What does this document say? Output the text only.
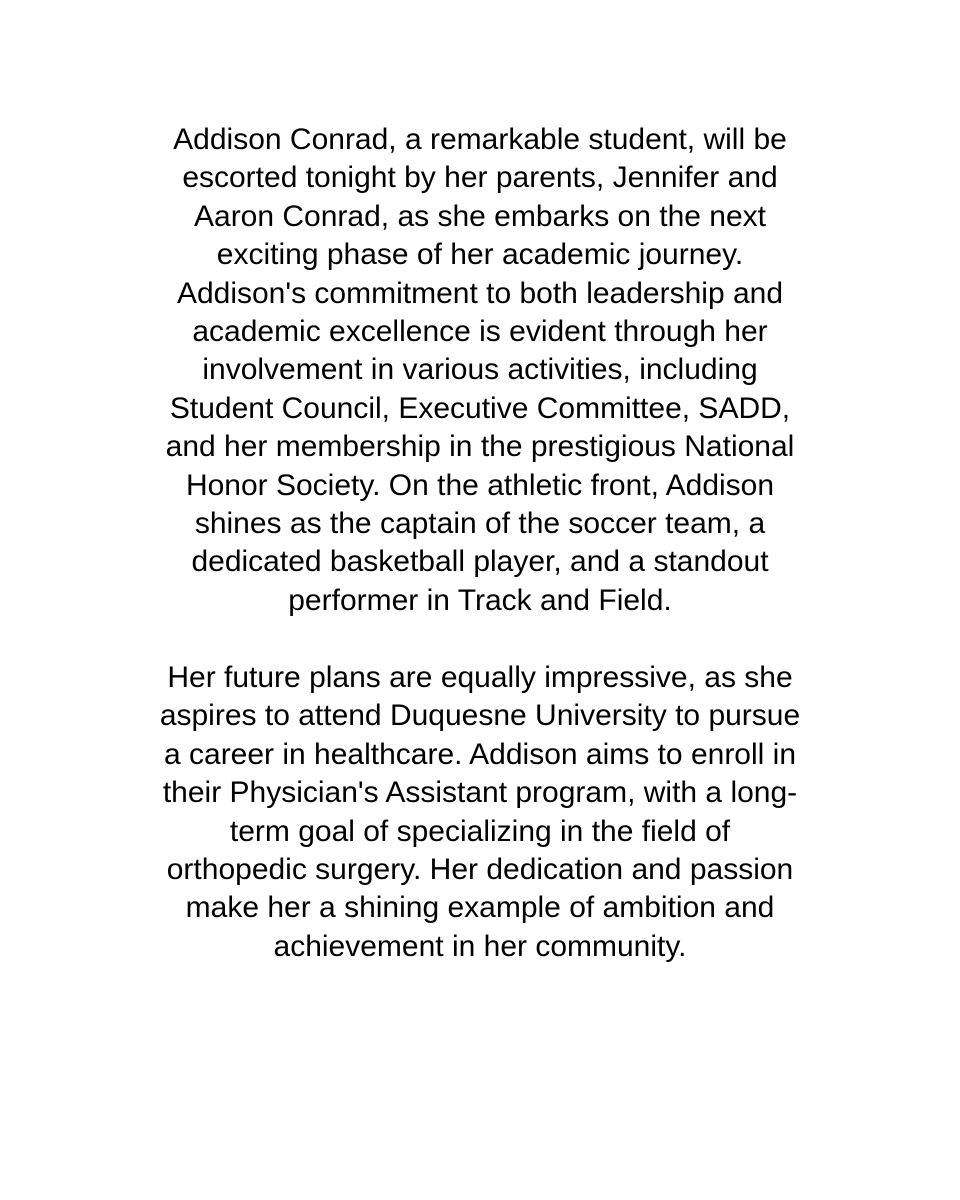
Addison Conrad, a remarkable student, will be
escorted tonight by her parents, Jennifer and
Aaron Conrad, as she embarks on the next
exciting phase of her academic journey.
Addison's commitment to both leadership and
academic excellence is evident through her
involvement in various activities, including
Student Council, Executive Committee, SADD,
and her membership in the prestigious National
Honor Society. On the athletic front, Addison
shines as the captain of the soccer team, a
dedicated basketball player, and a standout
performer in Track and Field.
Her future plans are equally impressive, as she
aspires to attend Duquesne University to pursue
a career in healthcare. Addison aims to enroll in
their Physician's Assistant program, with a long-
term goal of specializing in the field of
orthopedic surgery. Her dedication and passion
make her a shining example of ambition and
achievement in her community.
